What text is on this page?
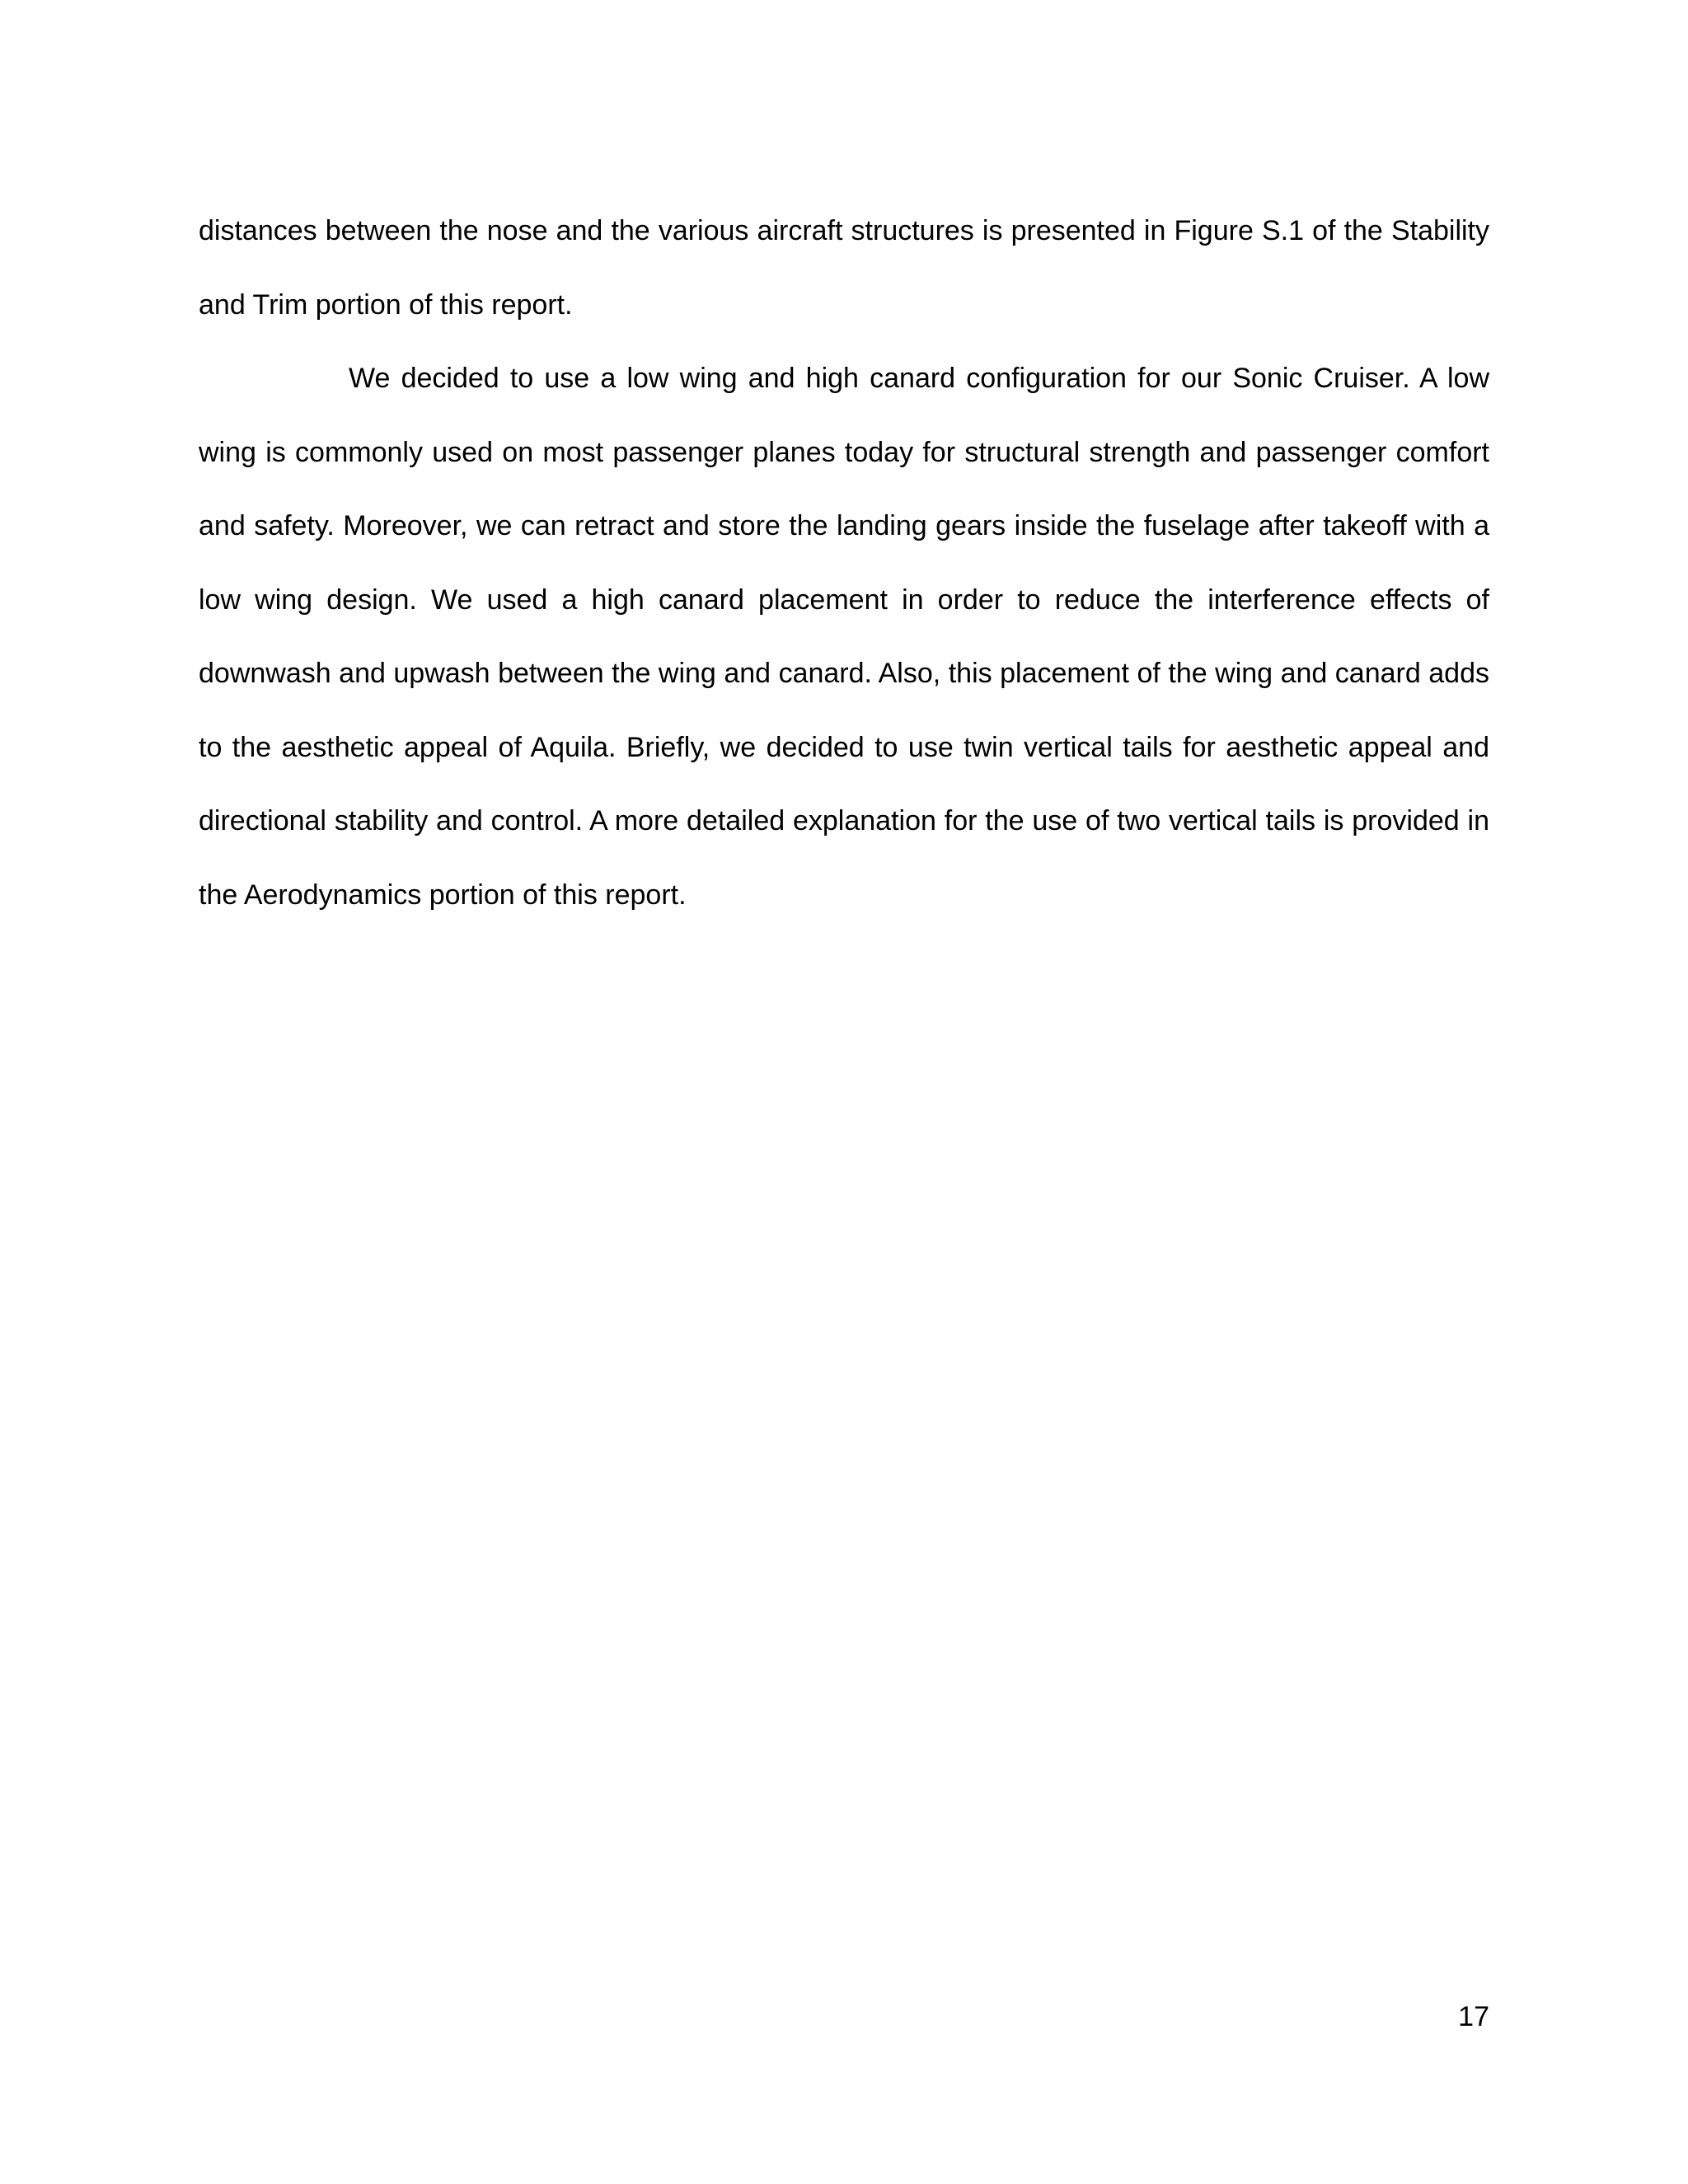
distances between the nose and the various aircraft structures is presented in Figure S.1 of the Stability and Trim portion of this report.

We decided to use a low wing and high canard configuration for our Sonic Cruiser. A low wing is commonly used on most passenger planes today for structural strength and passenger comfort and safety. Moreover, we can retract and store the landing gears inside the fuselage after takeoff with a low wing design. We used a high canard placement in order to reduce the interference effects of downwash and upwash between the wing and canard. Also, this placement of the wing and canard adds to the aesthetic appeal of Aquila. Briefly, we decided to use twin vertical tails for aesthetic appeal and directional stability and control. A more detailed explanation for the use of two vertical tails is provided in the Aerodynamics portion of this report.

17
